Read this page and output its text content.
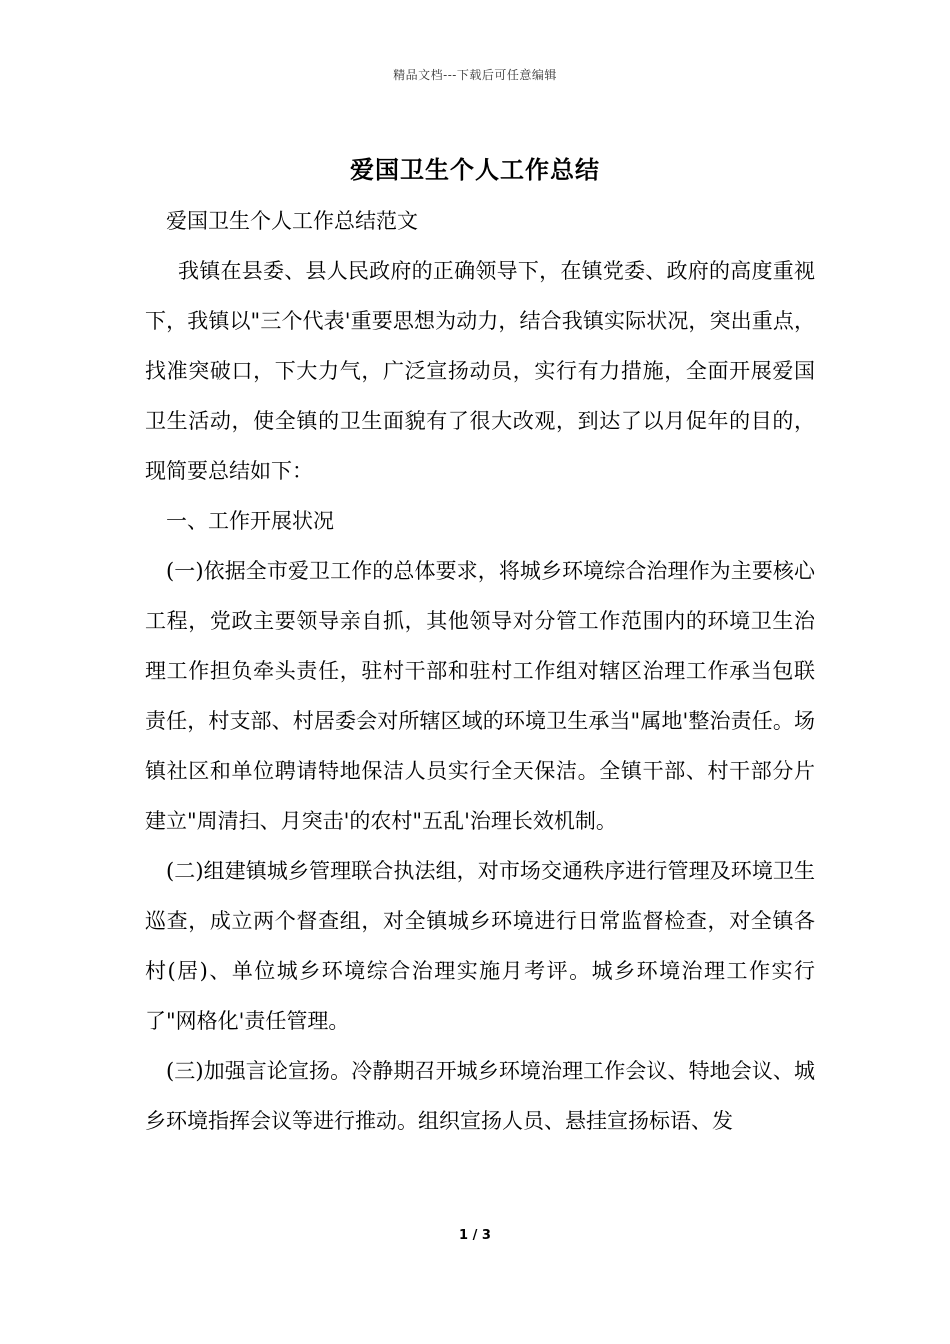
精品文档---下载后可任意编辑
爱国卫生个人工作总结

爱国卫生个人工作总结范文

我镇在县委、县人民政府的正确领导下，在镇党委、政府的高度重视下，我镇以"三个代表'重要思想为动力，结合我镇实际状况，突出重点，找准突破口，下大力气，广泛宣扬动员，实行有力措施，全面开展爱国卫生活动，使全镇的卫生面貌有了很大改观，到达了以月促年的目的，现简要总结如下：

一、工作开展状况

(一)依据全市爱卫工作的总体要求，将城乡环境综合治理作为主要核心工程，党政主要领导亲自抓，其他领导对分管工作范围内的环境卫生治理工作担负牵头责任，驻村干部和驻村工作组对辖区治理工作承当包联责任，村支部、村居委会对所辖区域的环境卫生承当"属地'整治责任。场镇社区和单位聘请特地保洁人员实行全天保洁。全镇干部、村干部分片建立"周清扫、月突击'的农村"五乱'治理长效机制。

(二)组建镇城乡管理联合执法组，对市场交通秩序进行管理及环境卫生巡查，成立两个督查组，对全镇城乡环境进行日常监督检查，对全镇各村(居)、单位城乡环境综合治理实施月考评。城乡环境治理工作实行了"网格化'责任管理。

(三)加强言论宣扬。冷静期召开城乡环境治理工作会议、特地会议、城乡环境指挥会议等进行推动。组织宣扬人员、悬挂宣扬标语、发

1 / 3
